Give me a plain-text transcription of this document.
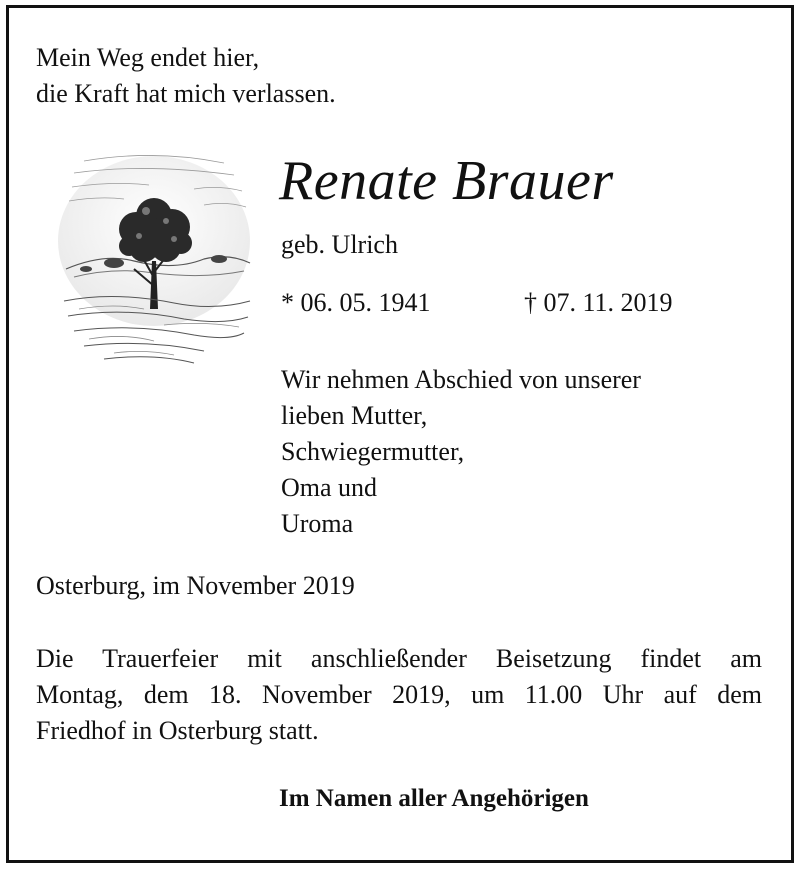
Mein Weg endet hier,
die Kraft hat mich verlassen.
Renate Brauer
geb. Ulrich
* 06. 05. 1941	† 07. 11. 2019
Wir nehmen Abschied von unserer
lieben Mutter,
Schwiegermutter,
Oma und
Uroma
Osterburg, im November 2019
Die Trauerfeier mit anschließender Beisetzung findet am
Montag, dem 18. November 2019, um 11.00 Uhr auf dem
Friedhof in Osterburg statt.
Im Namen aller Angehörigen
